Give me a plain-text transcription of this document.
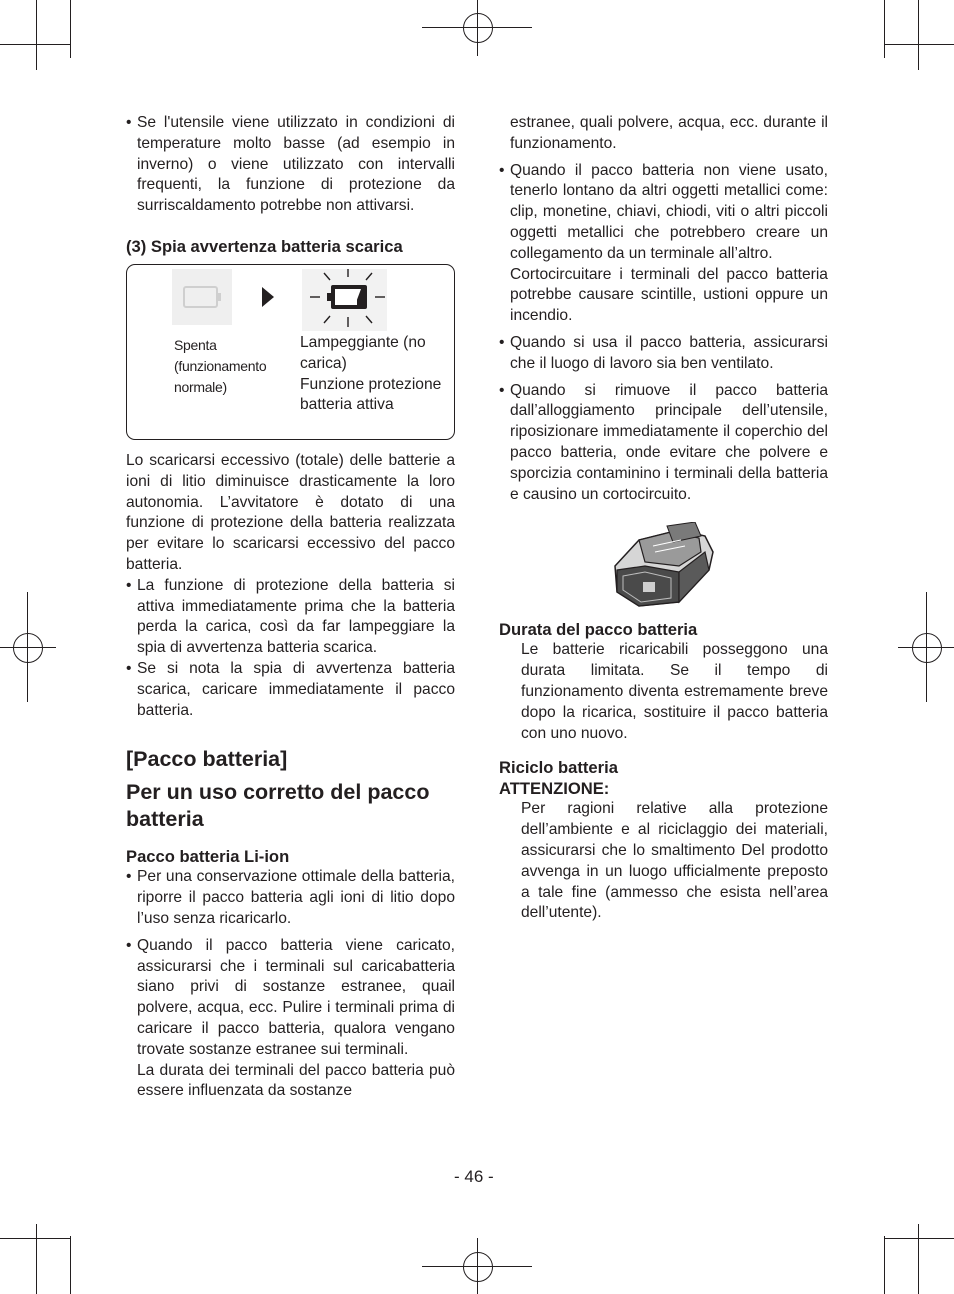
• Se l'utensile viene utilizzato in condizioni di temperature molto basse (ad esempio in inverno) o viene utilizzato con intervalli frequenti, la funzione di protezione da surriscaldamento potrebbe non attivarsi.

(3) Spia avvertenza batteria scarica
Spenta (funzionamento normale)
Lampeggiante (no carica)
Funzione protezione batteria attiva

Lo scaricarsi eccessivo (totale) delle batterie a ioni di litio diminuisce drasticamente la loro autonomia. L’avvitatore è dotato di una funzione di protezione della batteria realizzata per evitare lo scaricarsi eccessivo del pacco batteria.

• La funzione di protezione della batteria si attiva immediatamente prima che la batteria perda la carica, così da far lampeggiare la spia di avvertenza batteria scarica.

• Se si nota la spia di avvertenza batteria scarica, caricare immediatamente il pacco batteria.

[Pacco batteria]
Per un uso corretto del pacco batteria
Pacco batteria Li-ion

• Per una conservazione ottimale della batteria, riporre il pacco batteria agli ioni di litio dopo l’uso senza ricaricarlo.

• Quando il pacco batteria viene caricato, assicurarsi che i terminali sul caricabatteria siano privi di sostanze estranee, quail polvere, acqua, ecc. Pulire i terminali prima di caricare il pacco batteria, qualora vengano trovate sostanze estranee sui terminali.

La durata dei terminali del pacco batteria può essere influenzata da sostanze

estranee, quali polvere, acqua, ecc. durante il funzionamento.

• Quando il pacco batteria non viene usato, tenerlo lontano da altri oggetti metallici come: clip, monetine, chiavi, chiodi, viti o altri piccoli oggetti metallici che potrebbero creare un collegamento da un terminale all’altro.

Cortocircuitare i terminali del pacco batteria potrebbe causare scintille, ustioni oppure un incendio.

• Quando si usa il pacco batteria, assicurarsi che il luogo di lavoro sia ben ventilato.

• Quando si rimuove il pacco batteria dall’alloggiamento principale dell’utensile, riposizionare immediatamente il coperchio del pacco batteria, onde evitare che polvere e sporcizia contaminino i terminali della batteria e causino un cortocircuito.

Durata del pacco batteria

Le batterie ricaricabili posseggono una durata limitata. Se il tempo di funzionamento diventa estremamente breve dopo la ricarica, sostituire il pacco batteria con uno nuovo.

Riciclo batteria
ATTENZIONE:

Per ragioni relative alla protezione dell’ambiente e al riciclaggio dei materiali, assicurarsi che lo smaltimento Del prodotto avvenga in un luogo ufficialmente preposto a tale fine (ammesso che esista nell’area dell’utente).

- 46 -
